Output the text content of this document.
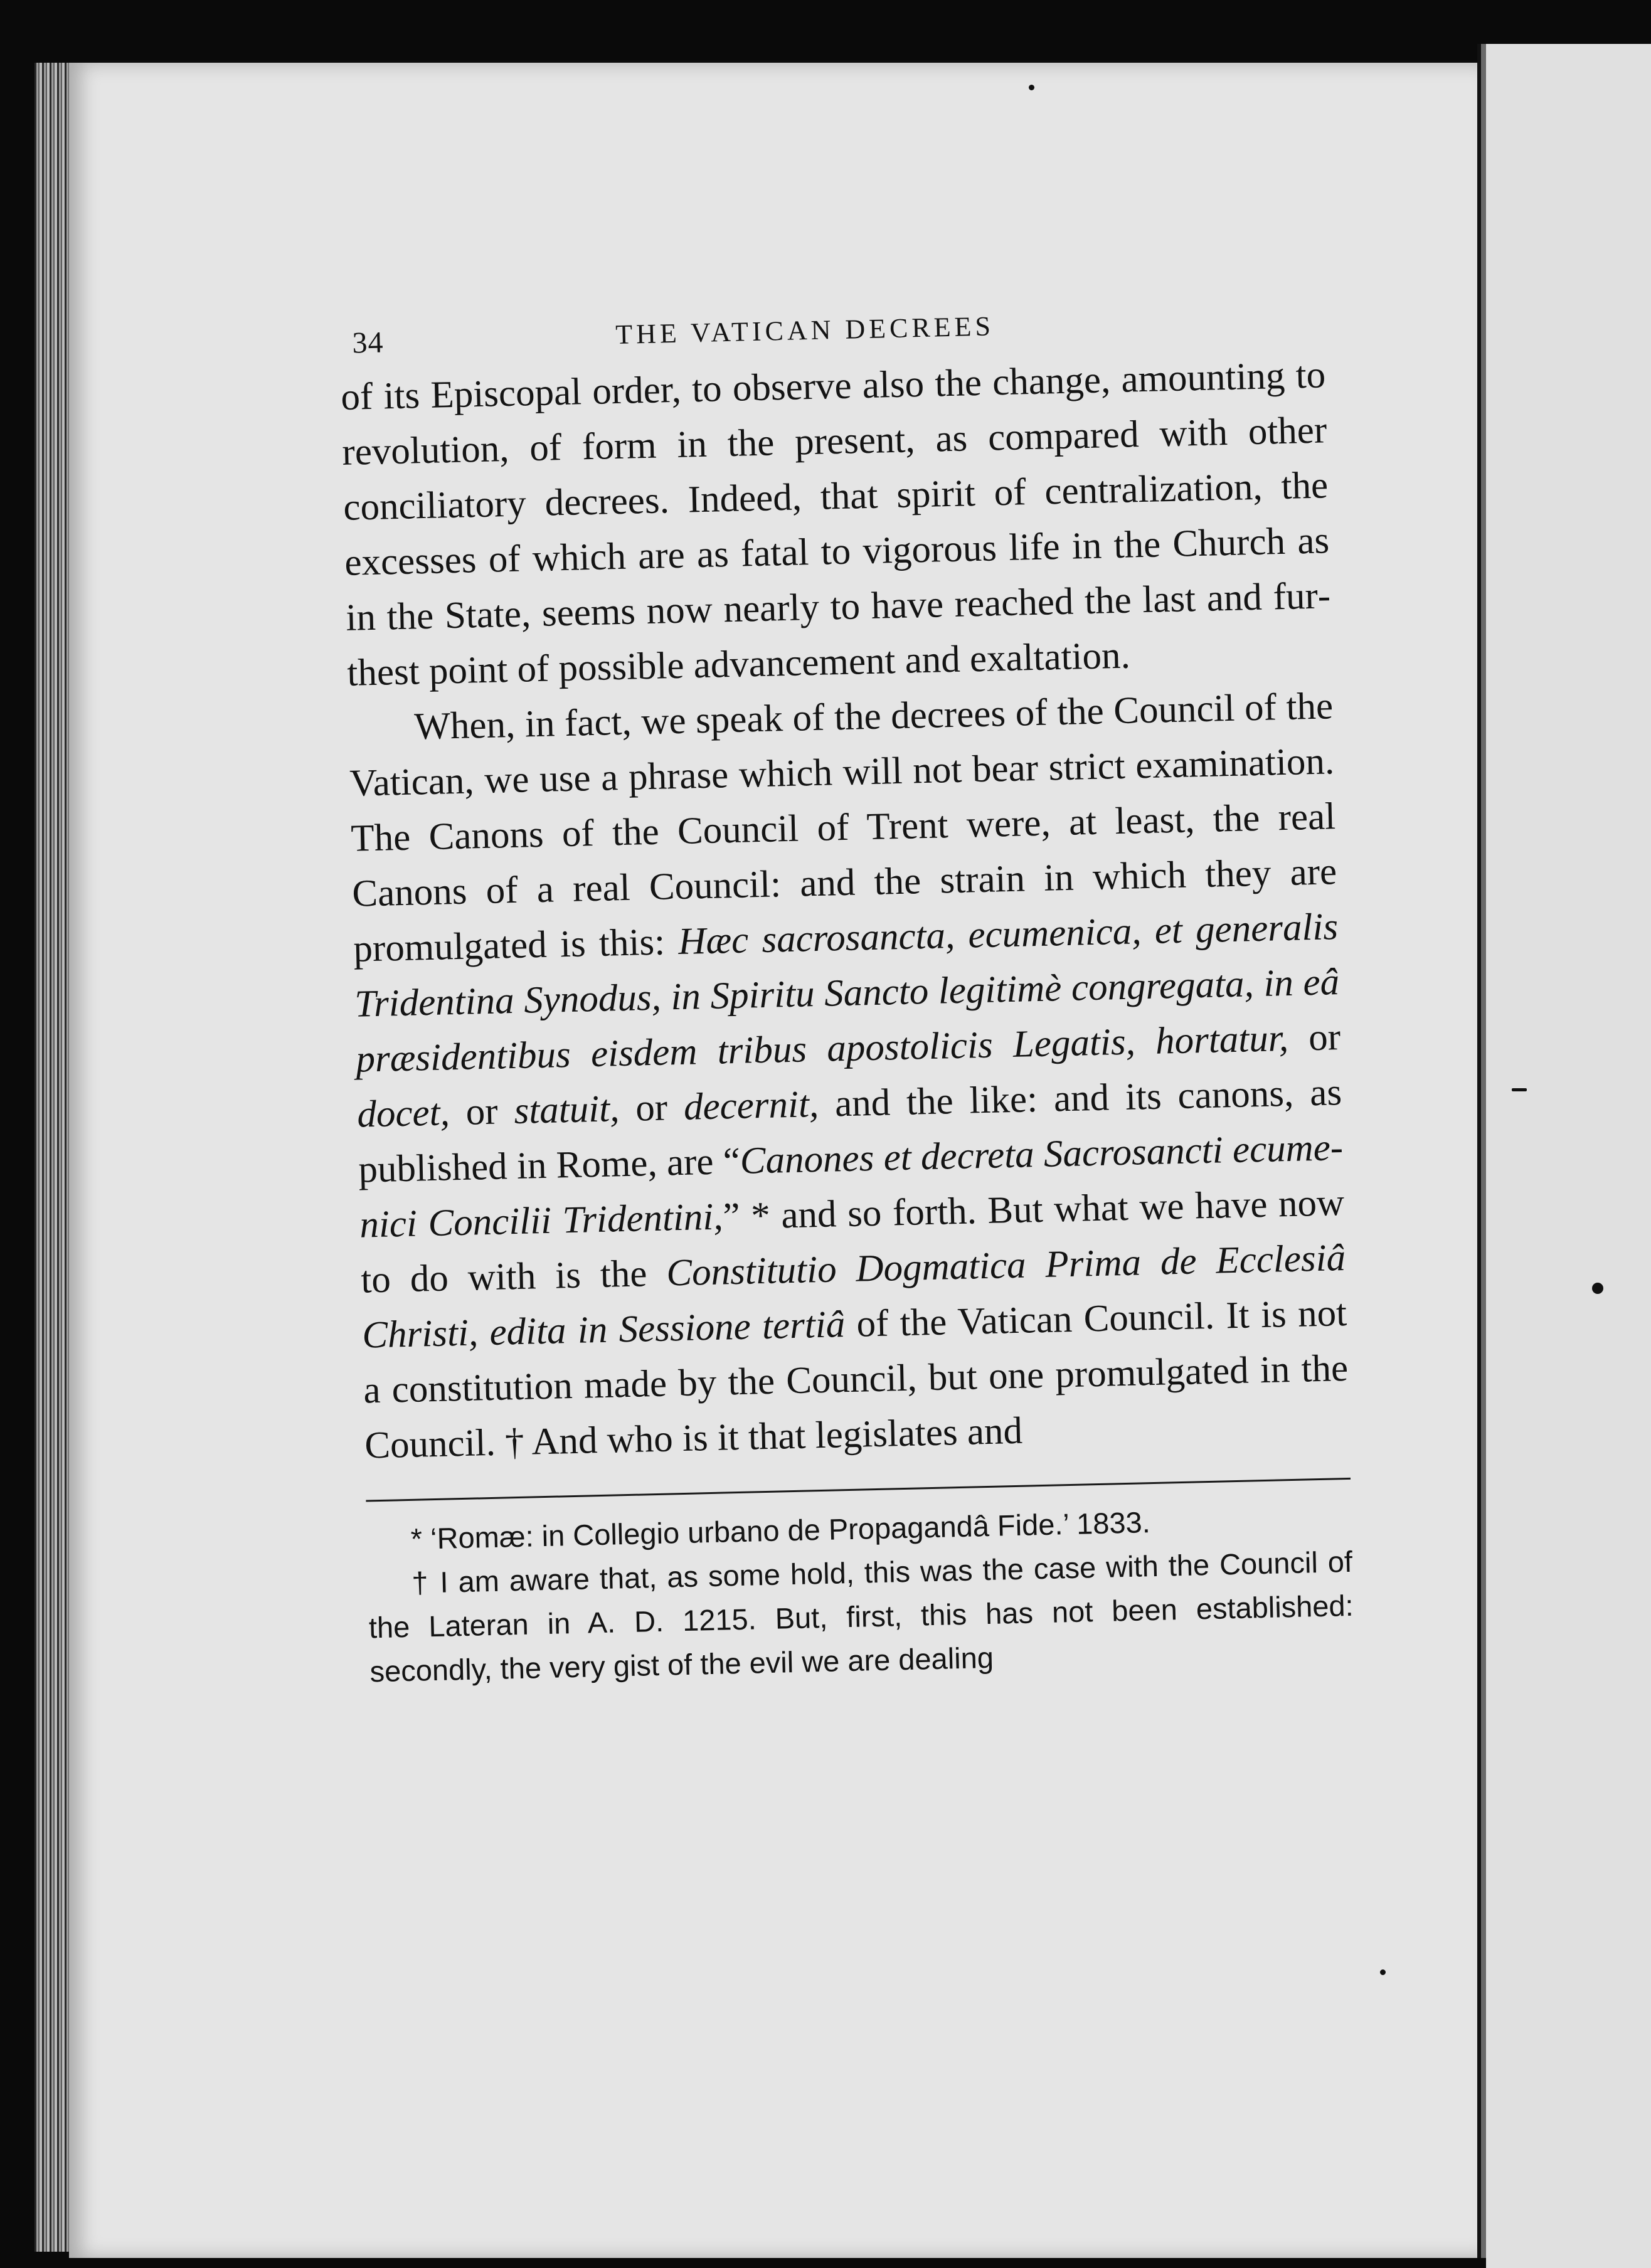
34	THE VATICAN DECREES

of its Episcopal order, to observe also the change, amounting to revolution, of form in the present, as compared with other conciliatory decrees. Indeed, that spirit of centralization, the excesses of which are as fatal to vigorous life in the Church as in the State, seems now nearly to have reached the last and furthest point of possible advancement and exaltation.

When, in fact, we speak of the decrees of the Council of the Vatican, we use a phrase which will not bear strict examination. The Canons of the Council of Trent were, at least, the real Canons of a real Council: and the strain in which they are promulgated is this: Hæc sacrosancta, ecumenica, et generalis Tridentina Synodus, in Spiritu Sancto legitimè congregata, in eâ præsidentibus eisdem tribus apostolicis Legatis, hortatur, or docet, or statuit, or decernit, and the like: and its canons, as published in Rome, are “Canones et decreta Sacrosancti ecumenici Concilii Tridentini,” * and so forth. But what we have now to do with is the Constitutio Dogmatica Prima de Ecclesiâ Christi, edita in Sessione tertiâ of the Vatican Council. It is not a constitution made by the Council, but one promulgated in the Council. † And who is it that legislates and

* ‘Romæ: in Collegio urbano de Propagandâ Fide.’ 1833.

† I am aware that, as some hold, this was the case with the Council of the Lateran in A. D. 1215. But, first, this has not been established: secondly, the very gist of the evil we are dealing
